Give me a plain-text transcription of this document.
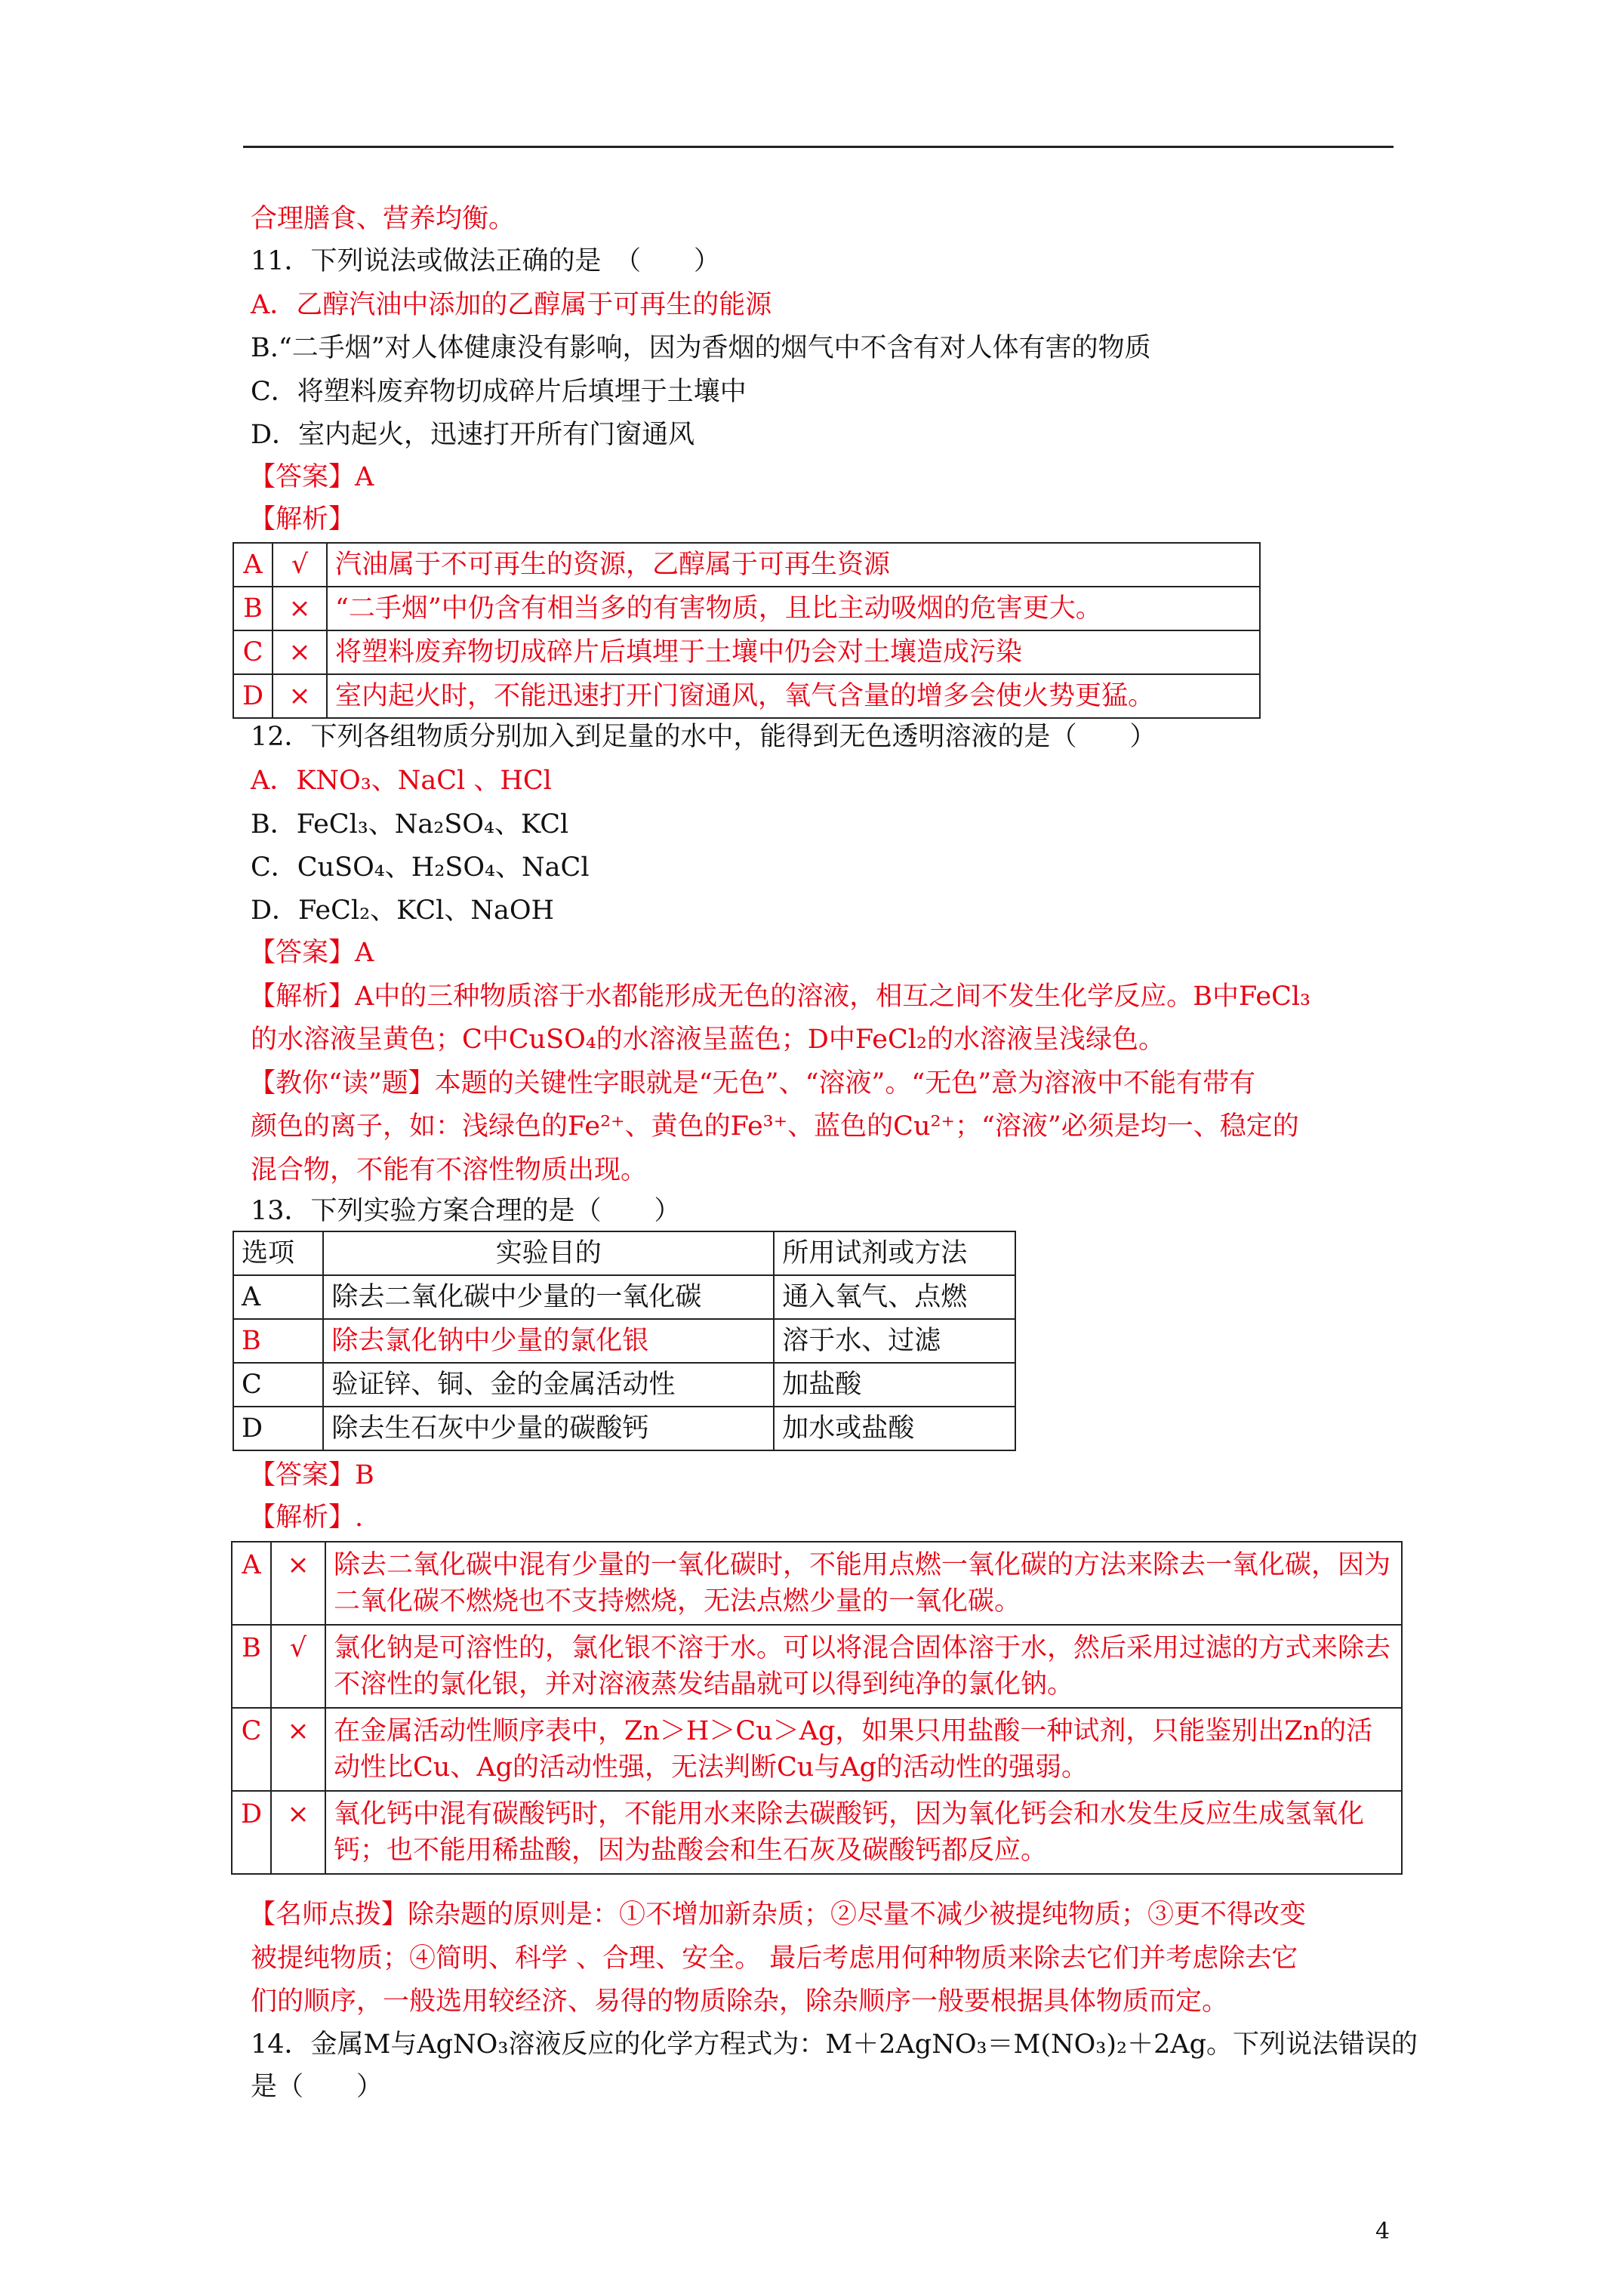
合理膳食、营养均衡。
11．下列说法或做法正确的是　（　　）
A．乙醇汽油中添加的乙醇属于可再生的能源
B.“二手烟”对人体健康没有影响，因为香烟的烟气中不含有对人体有害的物质
C．将塑料废弃物切成碎片后填埋于土壤中
D．室内起火，迅速打开所有门窗通风
【答案】A
【解析】
A	√	汽油属于不可再生的资源，乙醇属于可再生资源
B	×	“二手烟”中仍含有相当多的有害物质，且比主动吸烟的危害更大。
C	×	将塑料废弃物切成碎片后填埋于土壤中仍会对土壤造成污染
D	×	室内起火时，不能迅速打开门窗通风，氧气含量的增多会使火势更猛。
12．下列各组物质分别加入到足量的水中，能得到无色透明溶液的是（　　）
A．KNO₃、NaCl 、HCl
B．FeCl₃、Na₂SO₄、KCl
C．CuSO₄、H₂SO₄、NaCl
D．FeCl₂、KCl、NaOH
【答案】A
【解析】A中的三种物质溶于水都能形成无色的溶液，相互之间不发生化学反应。B中FeCl₃
的水溶液呈黄色；C中CuSO₄的水溶液呈蓝色；D中FeCl₂的水溶液呈浅绿色。
【教你“读”题】本题的关键性字眼就是“无色”、“溶液”。“无色”意为溶液中不能有带有
颜色的离子，如：浅绿色的Fe²⁺、黄色的Fe³⁺、蓝色的Cu²⁺；“溶液”必须是均一、稳定的
混合物，不能有不溶性物质出现。
13．下列实验方案合理的是（　　）
选项	实验目的	所用试剂或方法
A	除去二氧化碳中少量的一氧化碳	通入氧气、点燃
B	除去氯化钠中少量的氯化银	溶于水、过滤
C	验证锌、铜、金的金属活动性	加盐酸
D	除去生石灰中少量的碳酸钙	加水或盐酸
【答案】B
【解析】.
A	×	除去二氧化碳中混有少量的一氧化碳时，不能用点燃一氧化碳的方法来除去一氧化碳，因为二氧化碳不燃烧也不支持燃烧，无法点燃少量的一氧化碳。
B	√	氯化钠是可溶性的，氯化银不溶于水。可以将混合固体溶于水，然后采用过滤的方式来除去不溶性的氯化银，并对溶液蒸发结晶就可以得到纯净的氯化钠。
C	×	在金属活动性顺序表中，Zn＞H＞Cu＞Ag，如果只用盐酸一种试剂，只能鉴别出Zn的活动性比Cu、Ag的活动性强，无法判断Cu与Ag的活动性的强弱。
D	×	氧化钙中混有碳酸钙时，不能用水来除去碳酸钙，因为氧化钙会和水发生反应生成氢氧化钙；也不能用稀盐酸，因为盐酸会和生石灰及碳酸钙都反应。
【名师点拨】除杂题的原则是：①不增加新杂质；②尽量不减少被提纯物质；③更不得改变
被提纯物质；④简明、科学 、合理、安全。 最后考虑用何种物质来除去它们并考虑除去它
们的顺序，一般选用较经济、易得的物质除杂，除杂顺序一般要根据具体物质而定。
14．金属M与AgNO₃溶液反应的化学方程式为：M＋2AgNO₃＝M(NO₃)₂＋2Ag。下列说法错误的
是（　　）
4
